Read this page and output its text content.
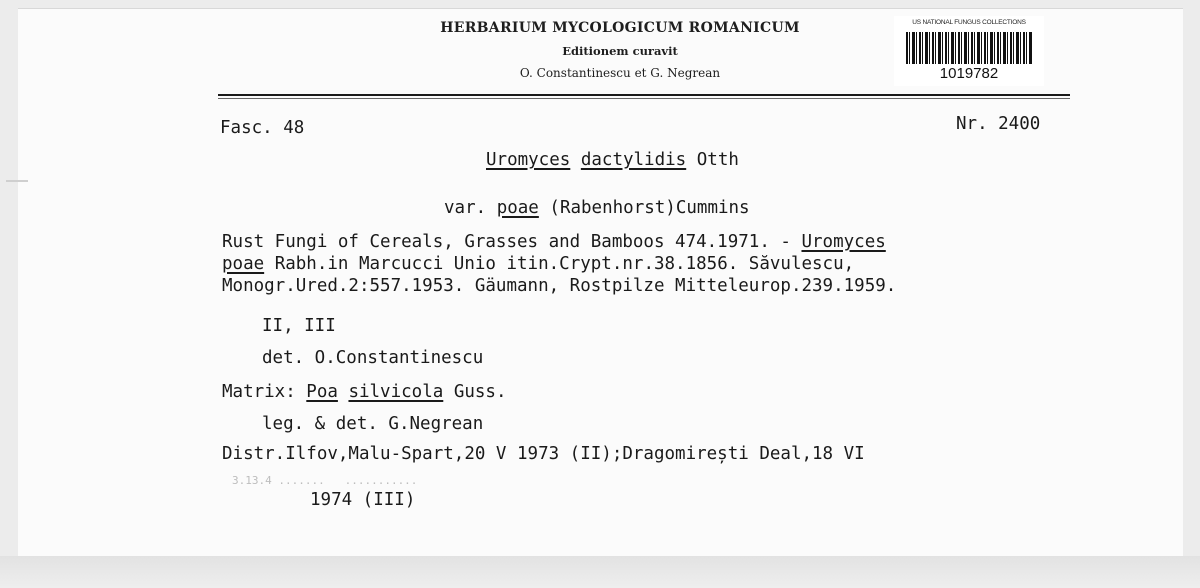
HERBARIUM MYCOLOGICUM ROMANICUM
Editionem curavit
O. Constantinescu et G. Negrean
US NATIONAL FUNGUS COLLECTIONS
1019782
Fasc. 48	Nr. 2400
Uromyces dactylidis Otth
var. poae (Rabenhorst)Cummins
Rust Fungi of Cereals, Grasses and Bamboos 474.1971. - Uromyces
poae Rabh.in Marcucci Unio itin.Crypt.nr.38.1856. Săvulescu,
Monogr.Ured.2:557.1953. Gäumann, Rostpilze Mitteleurop.239.1959.
II, III
det. O.Constantinescu
Matrix: Poa silvicola Guss.
leg. & det. G.Negrean
Distr.Ilfov,Malu-Spart,20 V 1973 (II);Dragomirești Deal,18 VI
3.13.4 .......   ...........
1974 (III)
